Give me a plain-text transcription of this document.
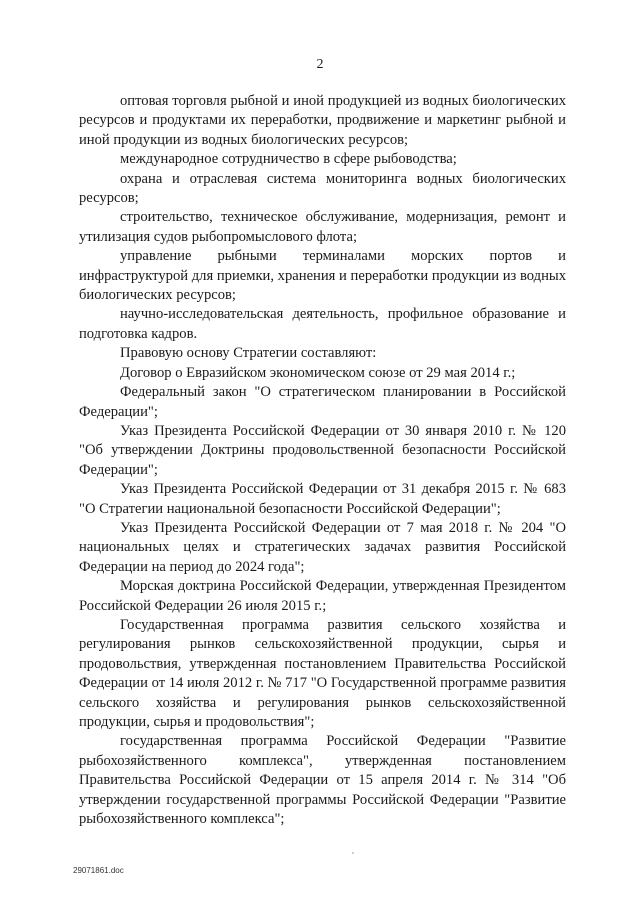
2

оптовая торговля рыбной и иной продукцией из водных биологических ресурсов и продуктами их переработки, продвижение и маркетинг рыбной и иной продукции из водных биологических ресурсов;

международное сотрудничество в сфере рыбоводства;

охрана и отраслевая система мониторинга водных биологических ресурсов;

строительство, техническое обслуживание, модернизация, ремонт и утилизация судов рыбопромыслового флота;

управление рыбными терминалами морских портов и инфраструктурой для приемки, хранения и переработки продукции из водных биологических ресурсов;

научно-исследовательская деятельность, профильное образование и подготовка кадров.

Правовую основу Стратегии составляют:

Договор о Евразийском экономическом союзе от 29 мая 2014 г.;

Федеральный закон "О стратегическом планировании в Российской Федерации";

Указ Президента Российской Федерации от 30 января 2010 г. № 120 "Об утверждении Доктрины продовольственной безопасности Российской Федерации";

Указ Президента Российской Федерации от 31 декабря 2015 г. № 683 "О Стратегии национальной безопасности Российской Федерации";

Указ Президента Российской Федерации от 7 мая 2018 г. № 204 "О национальных целях и стратегических задачах развития Российской Федерации на период до 2024 года";

Морская доктрина Российской Федерации, утвержденная Президентом Российской Федерации 26 июля 2015 г.;

Государственная программа развития сельского хозяйства и регулирования рынков сельскохозяйственной продукции, сырья и продовольствия, утвержденная постановлением Правительства Российской Федерации от 14 июля 2012 г. № 717 "О Государственной программе развития сельского хозяйства и регулирования рынков сельскохозяйственной продукции, сырья и продовольствия";

государственная программа Российской Федерации "Развитие рыбохозяйственного комплекса", утвержденная постановлением Правительства Российской Федерации от 15 апреля 2014 г. № 314 "Об утверждении государственной программы Российской Федерации "Развитие рыбохозяйственного комплекса";

29071861.doc
